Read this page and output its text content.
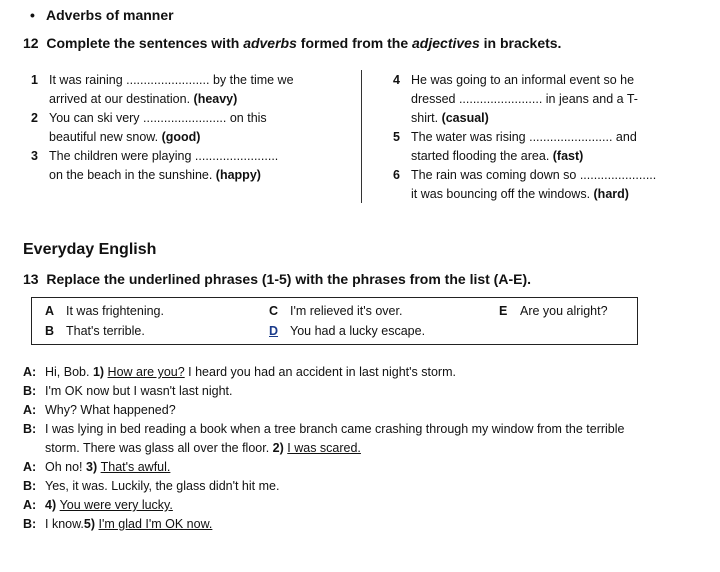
• Adverbs of manner
12 Complete the sentences with adverbs formed from the adjectives in brackets.
1 It was raining ........................ by the time we
arrived at our destination. (heavy)
2 You can ski very ........................ on this
beautiful new snow. (good)
3 The children were playing ........................
on the beach in the sunshine. (happy)
4 He was going to an informal event so he
dressed ........................ in jeans and a T-
shirt. (casual)
5 The water was rising ........................ and
started flooding the area. (fast)
6 The rain was coming down so ......................
it was bouncing off the windows. (hard)
Everyday English
13 Replace the underlined phrases (1-5) with the phrases from the list (A-E).
A It was frightening.
B That's terrible.
C I'm relieved it's over.
D You had a lucky escape.
E Are you alright?
A: Hi, Bob. 1) How are you? I heard you had an accident in last night's storm.
B: I'm OK now but I wasn't last night.
A: Why? What happened?
B: I was lying in bed reading a book when a tree branch came crashing through my window from the terrible
storm. There was glass all over the floor. 2) I was scared.
A: Oh no! 3) That's awful.
B: Yes, it was. Luckily, the glass didn't hit me.
A: 4) You were very lucky.
B: I know.5) I'm glad I'm OK now.
